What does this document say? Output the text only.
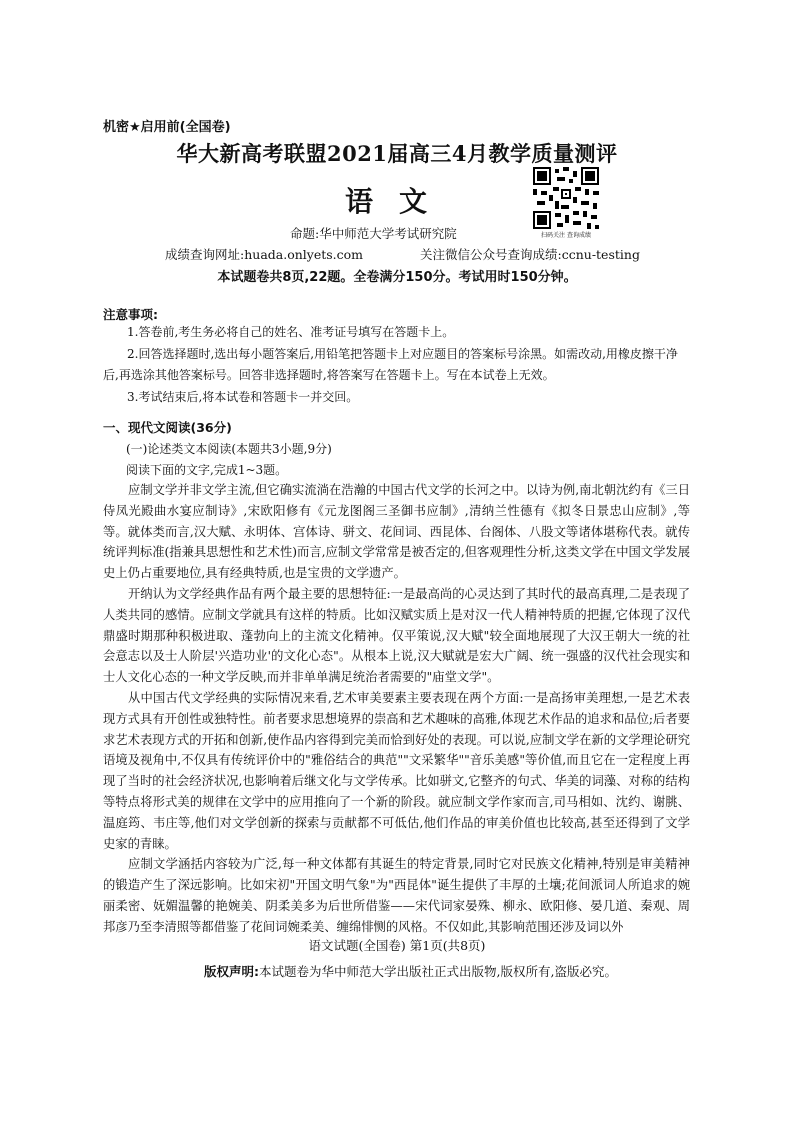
机密★启用前(全国卷)
华大新高考联盟2021届高三4月教学质量测评
语文
扫码关注 查询成绩
命题:华中师范大学考试研究院
成绩查询网址:huada.onlyets.com	关注微信公众号查询成绩:ccnu-testing
本试题卷共8页,22题。全卷满分150分。考试用时150分钟。
注意事项:

1.答卷前,考生务必将自己的姓名、准考证号填写在答题卡上。

2.回答选择题时,选出每小题答案后,用铅笔把答题卡上对应题目的答案标号涂黑。如需改动,用橡皮擦干净后,再选涂其他答案标号。回答非选择题时,将答案写在答题卡上。写在本试卷上无效。

3.考试结束后,将本试卷和答题卡一并交回。

一、现代文阅读(36分)
(一)论述类文本阅读(本题共3小题,9分)
阅读下面的文字,完成1~3题。

应制文学并非文学主流,但它确实流淌在浩瀚的中国古代文学的长河之中。以诗为例,南北朝沈约有《三日侍凤光殿曲水宴应制诗》,宋欧阳修有《元龙图阁三圣御书应制》,清纳兰性德有《拟冬日景忠山应制》,等等。就体类而言,汉大赋、永明体、宫体诗、骈文、花间词、西昆体、台阁体、八股文等诸体堪称代表。就传统评判标准(指兼具思想性和艺术性)而言,应制文学常常是被否定的,但客观理性分析,这类文学在中国文学发展史上仍占重要地位,具有经典特质,也是宝贵的文学遗产。

开纳认为文学经典作品有两个最主要的思想特征:一是最高尚的心灵达到了其时代的最高真理,二是表现了人类共同的感情。应制文学就具有这样的特质。比如汉赋实质上是对汉一代人精神特质的把握,它体现了汉代鼎盛时期那种积极进取、蓬勃向上的主流文化精神。仅平策说,汉大赋"较全面地展现了大汉王朝大一统的社会意志以及士人阶层'兴造功业'的文化心态"。从根本上说,汉大赋就是宏大广阔、统一强盛的汉代社会现实和士人文化心态的一种文学反映,而并非单单满足统治者需要的"庙堂文学"。

从中国古代文学经典的实际情况来看,艺术审美要素主要表现在两个方面:一是高扬审美理想,一是艺术表现方式具有开创性或独特性。前者要求思想境界的崇高和艺术趣味的高雅,体现艺术作品的追求和品位;后者要求艺术表现方式的开拓和创新,使作品内容得到完美而恰到好处的表现。可以说,应制文学在新的文学理论研究语境及视角中,不仅具有传统评价中的"雅俗结合的典范""文采繁华""音乐美感"等价值,而且它在一定程度上再现了当时的社会经济状况,也影响着后继文化与文学传承。比如骈文,它整齐的句式、华美的词藻、对称的结构等特点将形式美的规律在文学中的应用推向了一个新的阶段。就应制文学作家而言,司马相如、沈约、谢朓、温庭筠、韦庄等,他们对文学创新的探索与贡献都不可低估,他们作品的审美价值也比较高,甚至还得到了文学史家的青睐。

应制文学涵括内容较为广泛,每一种文体都有其诞生的特定背景,同时它对民族文化精神,特别是审美精神的锻造产生了深远影响。比如宋初"开国文明气象"为"西昆体"诞生提供了丰厚的土壤;花间派词人所追求的婉丽柔密、妩媚温馨的艳婉美、阴柔美多为后世所借鉴——宋代词家晏殊、柳永、欧阳修、晏几道、秦观、周邦彦乃至李清照等都借鉴了花间词婉柔美、缠绵悱恻的风格。不仅如此,其影响范围还涉及词以外

语文试题(全国卷) 第1页(共8页)
版权声明:本试题卷为华中师范大学出版社正式出版物,版权所有,盗版必究。
